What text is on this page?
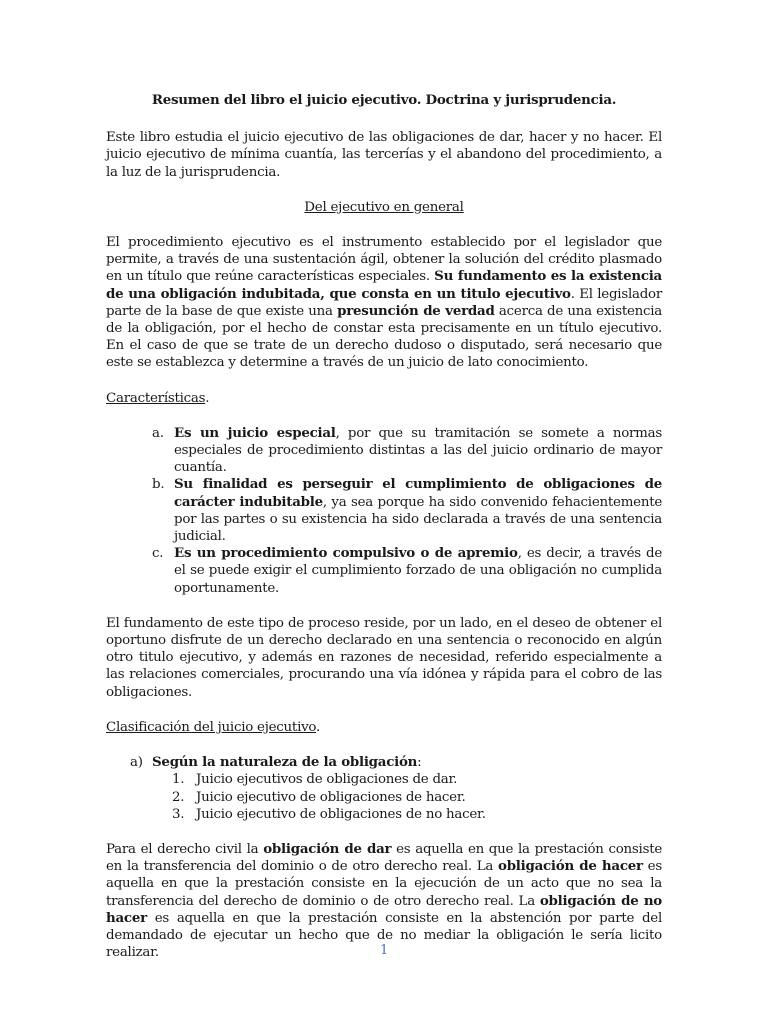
Resumen del libro el juicio ejecutivo. Doctrina y jurisprudencia.

Este libro estudia el juicio ejecutivo de las obligaciones de dar, hacer y no hacer. El juicio ejecutivo de mínima cuantía, las tercerías y el abandono del procedimiento, a la luz de la jurisprudencia.

Del ejecutivo en general

El procedimiento ejecutivo es el instrumento establecido por el legislador que permite, a través de una sustentación ágil, obtener la solución del crédito plasmado en un título que reúne características especiales. Su fundamento es la existencia de una obligación indubitada, que consta en un titulo ejecutivo. El legislador parte de la base de que existe una presunción de verdad acerca de una existencia de la obligación, por el hecho de constar esta precisamente en un título ejecutivo. En el caso de que se trate de un derecho dudoso o disputado, será necesario que este se establezca y determine a través de un juicio de lato conocimiento.

Características.
a. Es un juicio especial, por que su tramitación se somete a normas especiales de procedimiento distintas a las del juicio ordinario de mayor cuantía.
b. Su finalidad es perseguir el cumplimiento de obligaciones de carácter indubitable, ya sea porque ha sido convenido fehacientemente por las partes o su existencia ha sido declarada a través de una sentencia judicial.
c. Es un procedimiento compulsivo o de apremio, es decir, a través de el se puede exigir el cumplimiento forzado de una obligación no cumplida oportunamente.

El fundamento de este tipo de proceso reside, por un lado, en el deseo de obtener el oportuno disfrute de un derecho declarado en una sentencia o reconocido en algún otro titulo ejecutivo, y además en razones de necesidad, referido especialmente a las relaciones comerciales, procurando una vía idónea y rápida para el cobro de las obligaciones.

Clasificación del juicio ejecutivo.
a) Según la naturaleza de la obligación:
1. Juicio ejecutivos de obligaciones de dar.
2. Juicio ejecutivo de obligaciones de hacer.
3. Juicio ejecutivo de obligaciones de no hacer.

Para el derecho civil la obligación de dar es aquella en que la prestación consiste en la transferencia del dominio o de otro derecho real. La obligación de hacer es aquella en que la prestación consiste en la ejecución de un acto que no sea la transferencia del derecho de dominio o de otro derecho real. La obligación de no hacer es aquella en que la prestación consiste en la abstención por parte del demandado de ejecutar un hecho que de no mediar la obligación le sería licito realizar.	1
